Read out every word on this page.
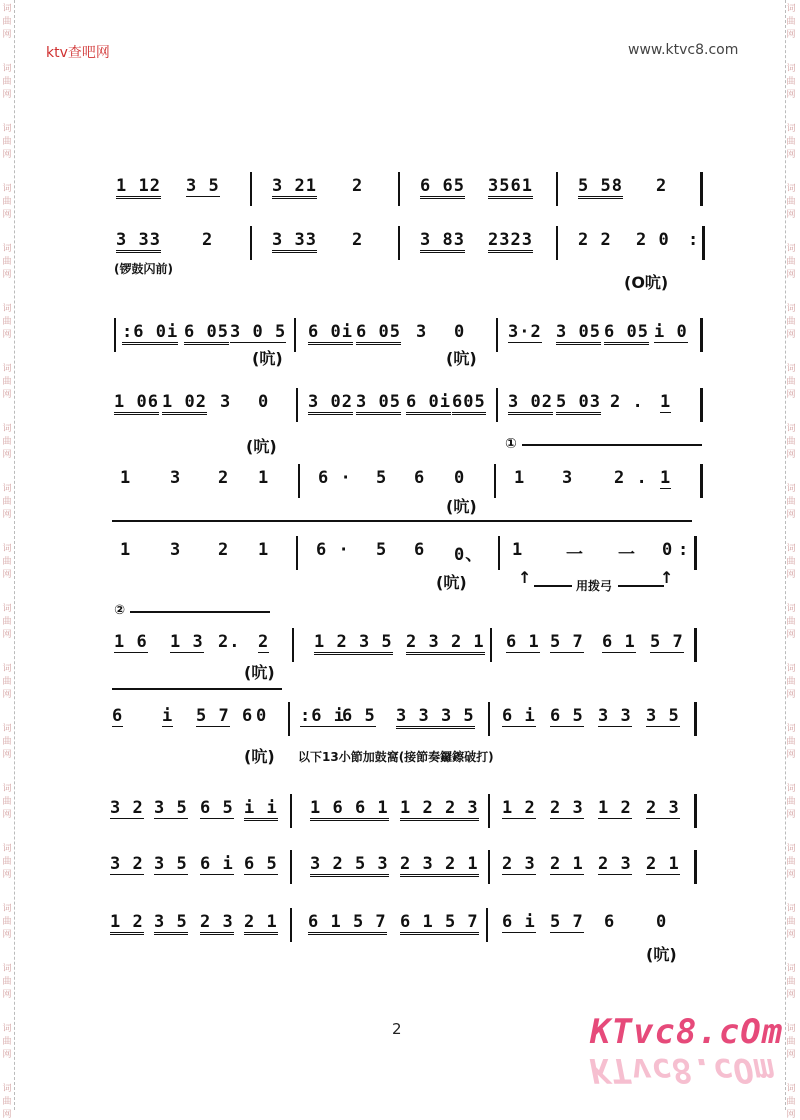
词
曲
网
词
曲
网
词
曲
网
词
曲
网
词
曲
网
词
曲
网
词
曲
网
词
曲
网
词
曲
网
词
曲
网
词
曲
网
词
曲
网
词
曲
网
词
曲
网
词
曲
网
词
曲
网
词
曲
网
词
曲
网
词
曲
网
词
曲
网
词
曲
网
词
曲
网
词
曲
网
词
曲
网
词
曲
网
词
曲
网
词
曲
网
词
曲
网
词
曲
网
词
曲
网
词
曲
网
词
曲
网
词
曲
网
词
曲
网
词
曲
网
词
曲
网
词
曲
网
词
曲
网
ktv查吧网	www.ktvc8.com
1 12 3 5	3 21 2	6 65 3561	5 58 2
3 33 2	3 33 2	3 83 2323	2 2 2 0 :
(锣鼓闪前)
(O吭)
:6 0i 6 05 3 0 5 6 0i 6 05 3 0	3·2 3 05 6 05 i 0
(吭)	(吭)
1 06 1 02 3 0 3 02 3 05 6 0i 605 3 02 5 03 2 . 1
(吭)	①
1 3 2 1	6 · 5 6 0	1 3 2 . 1
(吭)
1 3 2 1	6 · 5 6 0、 1	一 一 0 :
(吭)	↑	用拨弓	↑
②
1 6 1 3 2. 2	1 2 3 5 2 3 2 1 6 1 5 7 6 1 5 7
(吭)
6 i 5 7 6 0 :6 i
6 5 3 3 3 5 6 i 6 5 3 3 3 5
(吭) 以下13小節加鼓窩(接節奏鑼鑔破打)
3 2 3 5 6 5 i i 1 6 6 1 1 2 2 3 1 2 2 3 1 2 2 3
3 2 3 5 6 i 6 5 3 2 5 3 2 3 2 1 2 3 2 1 2 3 2 1
1 2 3 5 2 3 2 1 6 1 5 7 6 1 5 7 6 i 5 7 6 0
(吭)
2	KTvc8.cOm
KTvc8.cOm
